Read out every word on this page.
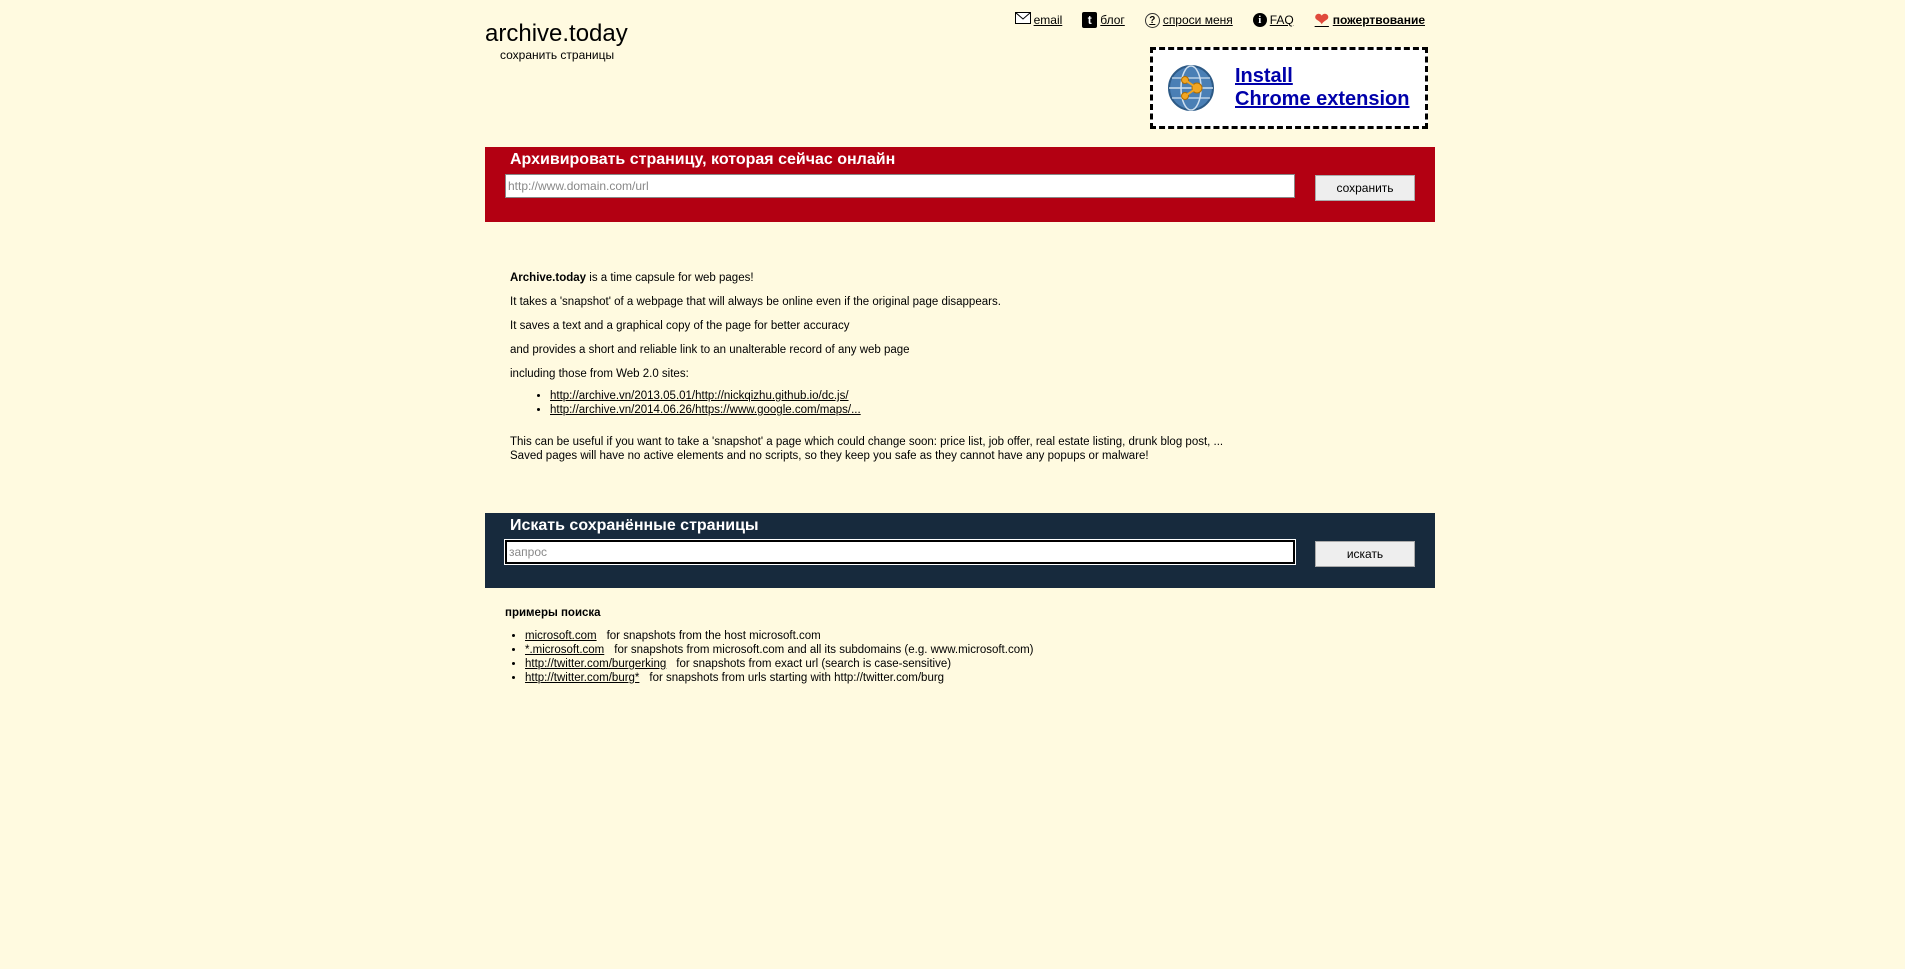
archive.today
сохранить страницы
email	t блог	? спроси меня	i FAQ ❤ пожертвование
Install
Chrome extension
Архивировать страницу, которая сейчас онлайн
http://www.domain.com/url
сохранить

Archive.today is a time capsule for web pages!

It takes a 'snapshot' of a webpage that will always be online even if the original page disappears.

It saves a text and a graphical copy of the page for better accuracy

and provides a short and reliable link to an unalterable record of any web page

including those from Web 2.0 sites:

• http://archive.vn/2013.05.01/http://nickqizhu.github.io/dc.js/
• http://archive.vn/2014.06.26/https://www.google.com/maps/...
This can be useful if you want to take a 'snapshot' a page which could change soon: price list, job offer, real estate listing, drunk blog post, ...
Saved pages will have no active elements and no scripts, so they keep you safe as they cannot have any popups or malware!
Искать сохранённые страницы
запрос
искать
примеры поиска
• microsoft.com for snapshots from the host microsoft.com
• *.microsoft.com for snapshots from microsoft.com and all its subdomains (e.g. www.microsoft.com)
• http://twitter.com/burgerking for snapshots from exact url (search is case-sensitive)
• http://twitter.com/burg* for snapshots from urls starting with http://twitter.com/burg
